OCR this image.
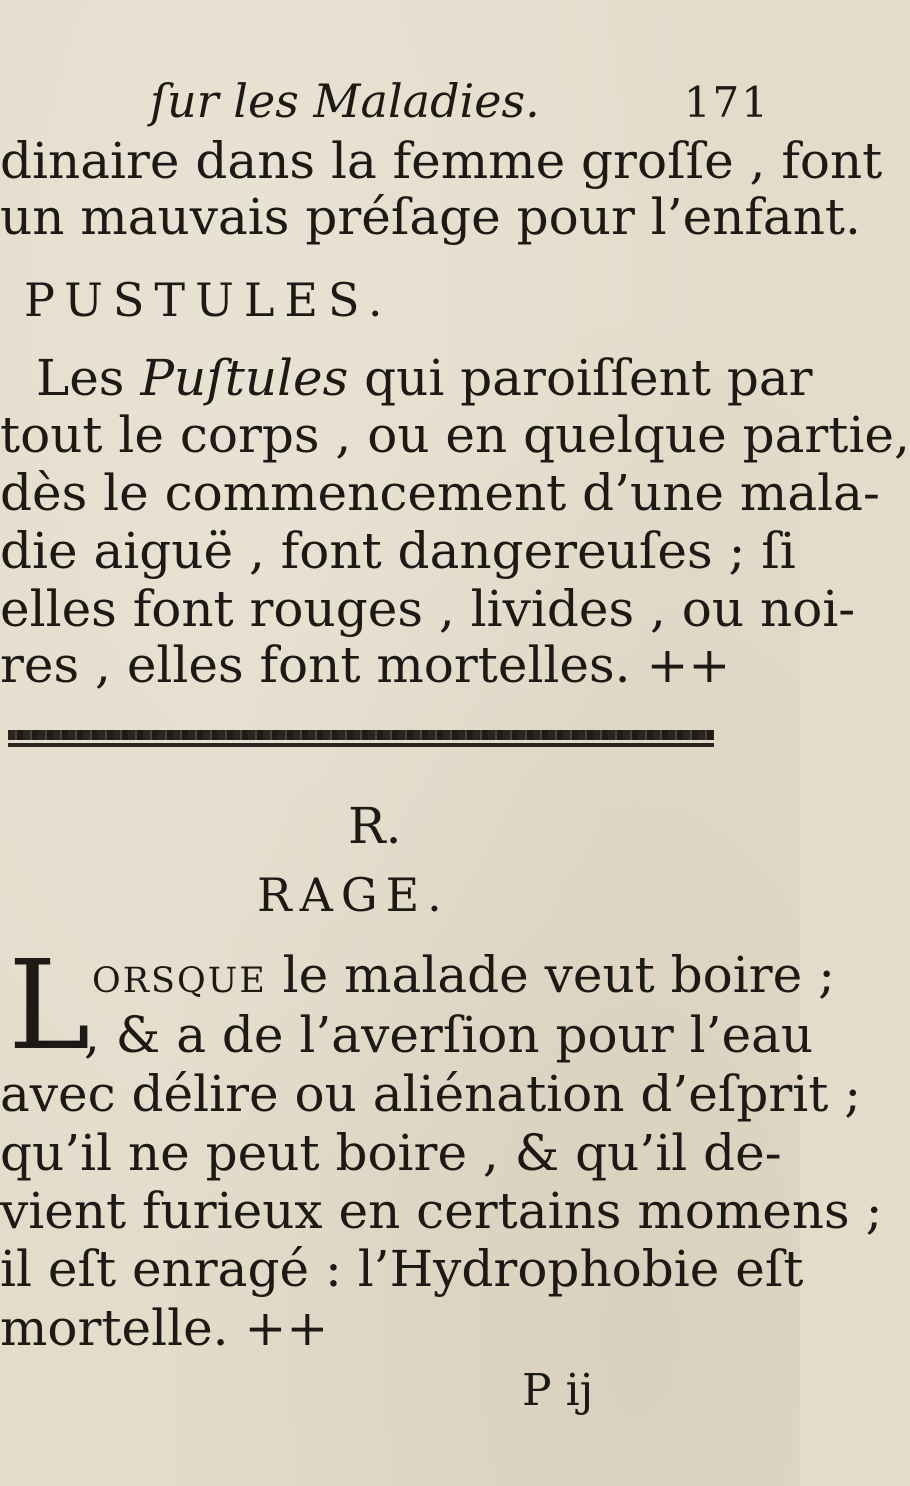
ſur les Maladies.	171
dinaire dans la femme groſſe , font
un mauvais préſage pour l’enfant.
PUSTULES.
Les Puſtules qui paroiſſent par
tout le corps , ou en quelque partie,
dès le commencement d’une mala-
die aiguë , font dangereuſes ; ſi
elles font rouges , livides , ou noi-
res , elles font mortelles. ++
R.
RAGE.
L orsque le malade veut boire ;
, & a de l’averſion pour l’eau
avec délire ou aliénation d’eſprit ;
qu’il ne peut boire , & qu’il de-
vient furieux en certains momens ;
il eſt enragé : l’Hydrophobie eſt
mortelle. ++
P ij
